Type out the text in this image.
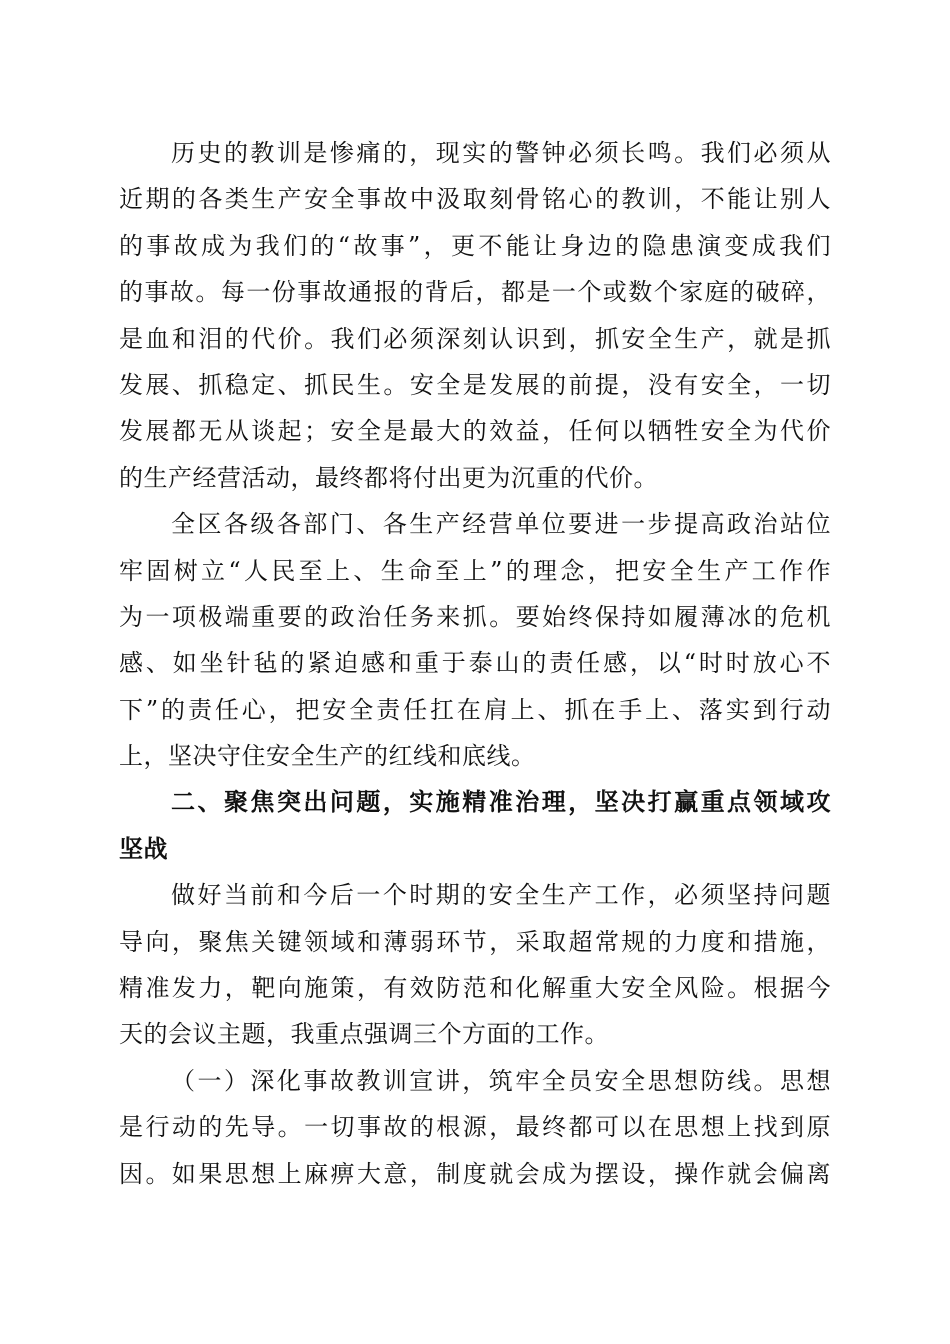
历史的教训是惨痛的，现实的警钟必须长鸣。我们必须从
近期的各类生产安全事故中汲取刻骨铭心的教训，不能让别人
的事故成为我们的“故事”，更不能让身边的隐患演变成我们
的事故。每一份事故通报的背后，都是一个或数个家庭的破碎，
是血和泪的代价。我们必须深刻认识到，抓安全生产，就是抓
发展、抓稳定、抓民生。安全是发展的前提，没有安全，一切
发展都无从谈起；安全是最大的效益，任何以牺牲安全为代价
的生产经营活动，最终都将付出更为沉重的代价。
全区各级各部门、各生产经营单位要进一步提高政治站位
牢固树立“人民至上、生命至上”的理念，把安全生产工作作
为一项极端重要的政治任务来抓。要始终保持如履薄冰的危机
感、如坐针毡的紧迫感和重于泰山的责任感，以“时时放心不
下”的责任心，把安全责任扛在肩上、抓在手上、落实到行动
上，坚决守住安全生产的红线和底线。
二、聚焦突出问题，实施精准治理，坚决打赢重点领域攻
坚战
做好当前和今后一个时期的安全生产工作，必须坚持问题
导向，聚焦关键领域和薄弱环节，采取超常规的力度和措施，
精准发力，靶向施策，有效防范和化解重大安全风险。根据今
天的会议主题，我重点强调三个方面的工作。
（一）深化事故教训宣讲，筑牢全员安全思想防线。思想
是行动的先导。一切事故的根源，最终都可以在思想上找到原
因。如果思想上麻痹大意，制度就会成为摆设，操作就会偏离
